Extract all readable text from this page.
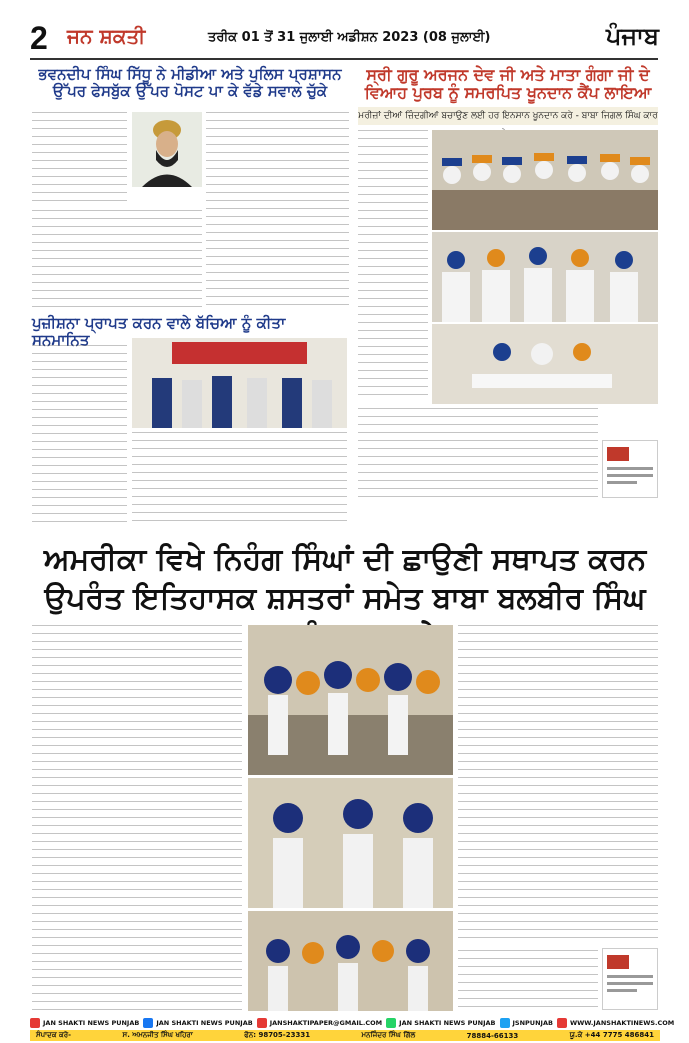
2 ਜਨ ਸ਼ਕਤੀ	ਤਰੀਕ 01 ਤੋਂ 31 ਜੁਲਾਈ ਅਡੀਸ਼ਨ 2023 (08 ਜੁਲਾਈ)	ਪੰਜਾਬ
ਭਵਨਦੀਪ ਸਿੰਘ ਸਿੱਧੂ ਨੇ ਮੀਡੀਆ ਅਤੇ ਪੁਲਿਸ ਪ੍ਰਸ਼ਾਸਨ ਉੱਪਰ ਫੇਸਬੁੱਕ ਉੱਪਰ ਪੋਸਟ ਪਾ ਕੇ ਵੱਡੇ ਸਵਾਲ ਚੁੱਕੇ
ਸ੍ਰੀ ਗੁਰੂ ਅਰਜਨ ਦੇਵ ਜੀ ਅਤੇ ਮਾਤਾ ਗੰਗਾ ਜੀ ਦੇ ਵਿਆਹ ਪੁਰਬ ਨੂੰ ਸਮਰਪਿਤ ਖੂਨਦਾਨ ਕੈਂਪ ਲਾਇਆ
ਮਰੀਜ਼ਾਂ ਦੀਆਂ ਜ਼ਿੰਦਗੀਆਂ ਬਚਾਉਣ ਲਈ ਹਰ ਇਨਸਾਨ ਖੂਨਦਾਨ ਕਰੇ - ਬਾਬਾ ਜਿਗਲ ਸਿੰਘ ਕਾਰ
ਪੁਜ਼ੀਸ਼ਨਾ ਪ੍ਰਾਪਤ ਕਰਨ ਵਾਲੇ ਬੱਚਿਆ ਨੂੰ ਕੀਤਾ ਸਨਮਾਨਿਤ
ਅਮਰੀਕਾ ਵਿਖੇ ਨਿਹੰਗ ਸਿੰਘਾਂ ਦੀ ਛਾਉਣੀ ਸਥਾਪਤ ਕਰਨ ਉਪਰੰਤ ਇਤਿਹਾਸਕ ਸ਼ਸਤਰਾਂ ਸਮੇਤ ਬਾਬਾ ਬਲਬੀਰ ਸਿੰਘ
JAN SHAKTI NEWS PUNJAB	JAN SHAKTI NEWS PUNJAB	JANSHAKTIPAPER@GMAIL.COM	JAN SHAKTI NEWS PUNJAB	JSNPUNJAB	WWW.JANSHAKTINEWS.COM
ਸੰਪਾਦਕ ਕਰੇ-	ਸ. ਅਮਨਜੀਤ ਸਿੰਘ ਖਹਿਰਾ	ਫੋਨ: 98705-23331	ਮਨਜਿੰਦਰ ਸਿੰਘ ਗਿੱਲ	78884-66133	ਯੂ.ਕੇ +44 7775 486841
